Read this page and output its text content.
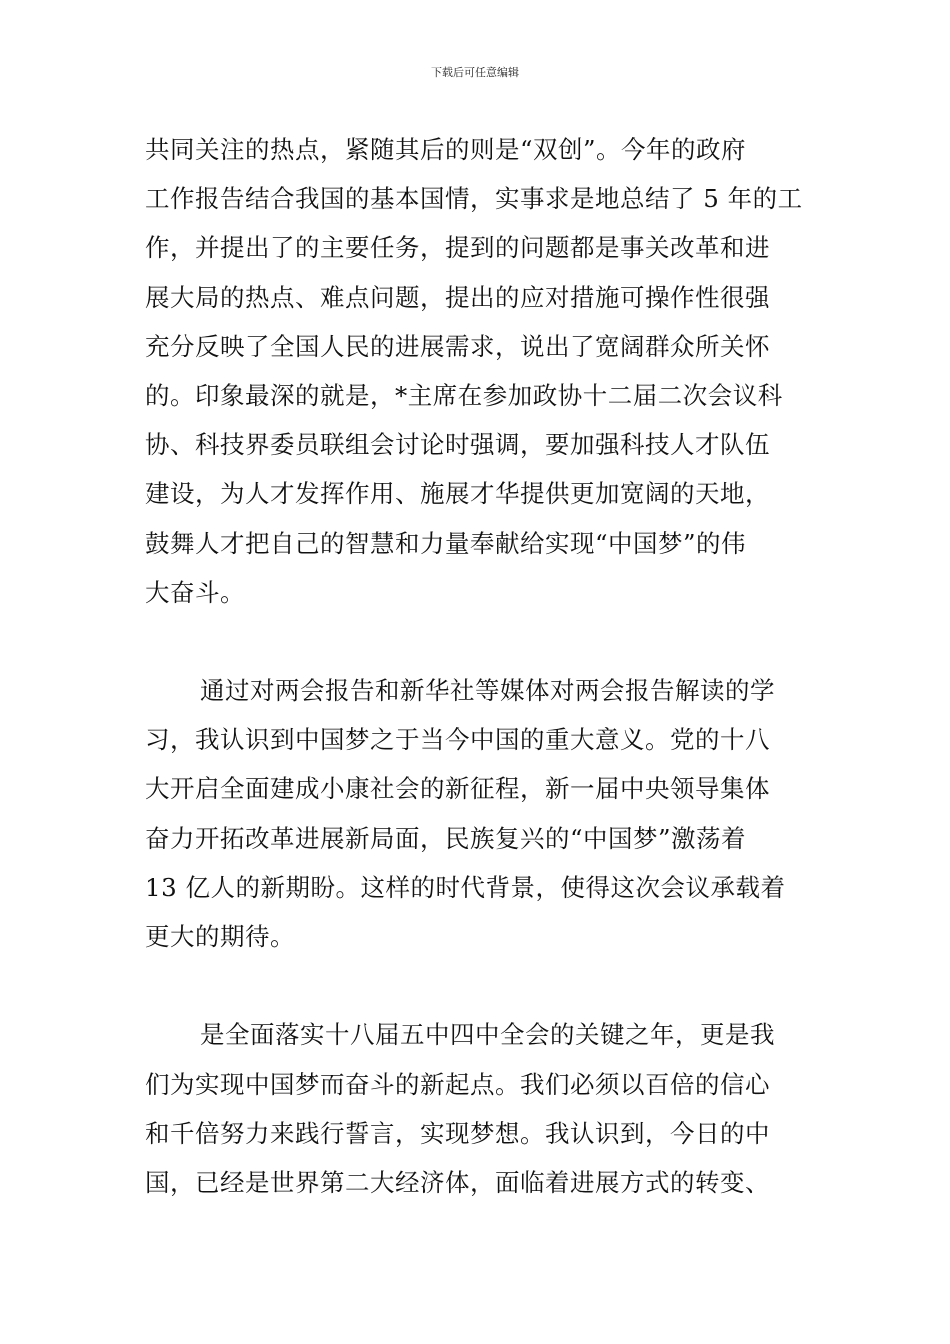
下载后可任意编辑
共同关注的热点，紧随其后的则是“双创”。今年的政府
工作报告结合我国的基本国情，实事求是地总结了 5 年的工
作，并提出了的主要任务，提到的问题都是事关改革和进
展大局的热点、难点问题，提出的应对措施可操作性很强
充分反映了全国人民的进展需求，说出了宽阔群众所关怀
的。印象最深的就是，*主席在参加政协十二届二次会议科
协、科技界委员联组会讨论时强调，要加强科技人才队伍
建设，为人才发挥作用、施展才华提供更加宽阔的天地，
鼓舞人才把自己的智慧和力量奉献给实现“中国梦”的伟
大奋斗。
通过对两会报告和新华社等媒体对两会报告解读的学
习，我认识到中国梦之于当今中国的重大意义。党的十八
大开启全面建成小康社会的新征程，新一届中央领导集体
奋力开拓改革进展新局面，民族复兴的“中国梦”激荡着
13 亿人的新期盼。这样的时代背景，使得这次会议承载着
更大的期待。
是全面落实十八届五中四中全会的关键之年，更是我
们为实现中国梦而奋斗的新起点。我们必须以百倍的信心
和千倍努力来践行誓言，实现梦想。我认识到，今日的中
国，已经是世界第二大经济体，面临着进展方式的转变、
